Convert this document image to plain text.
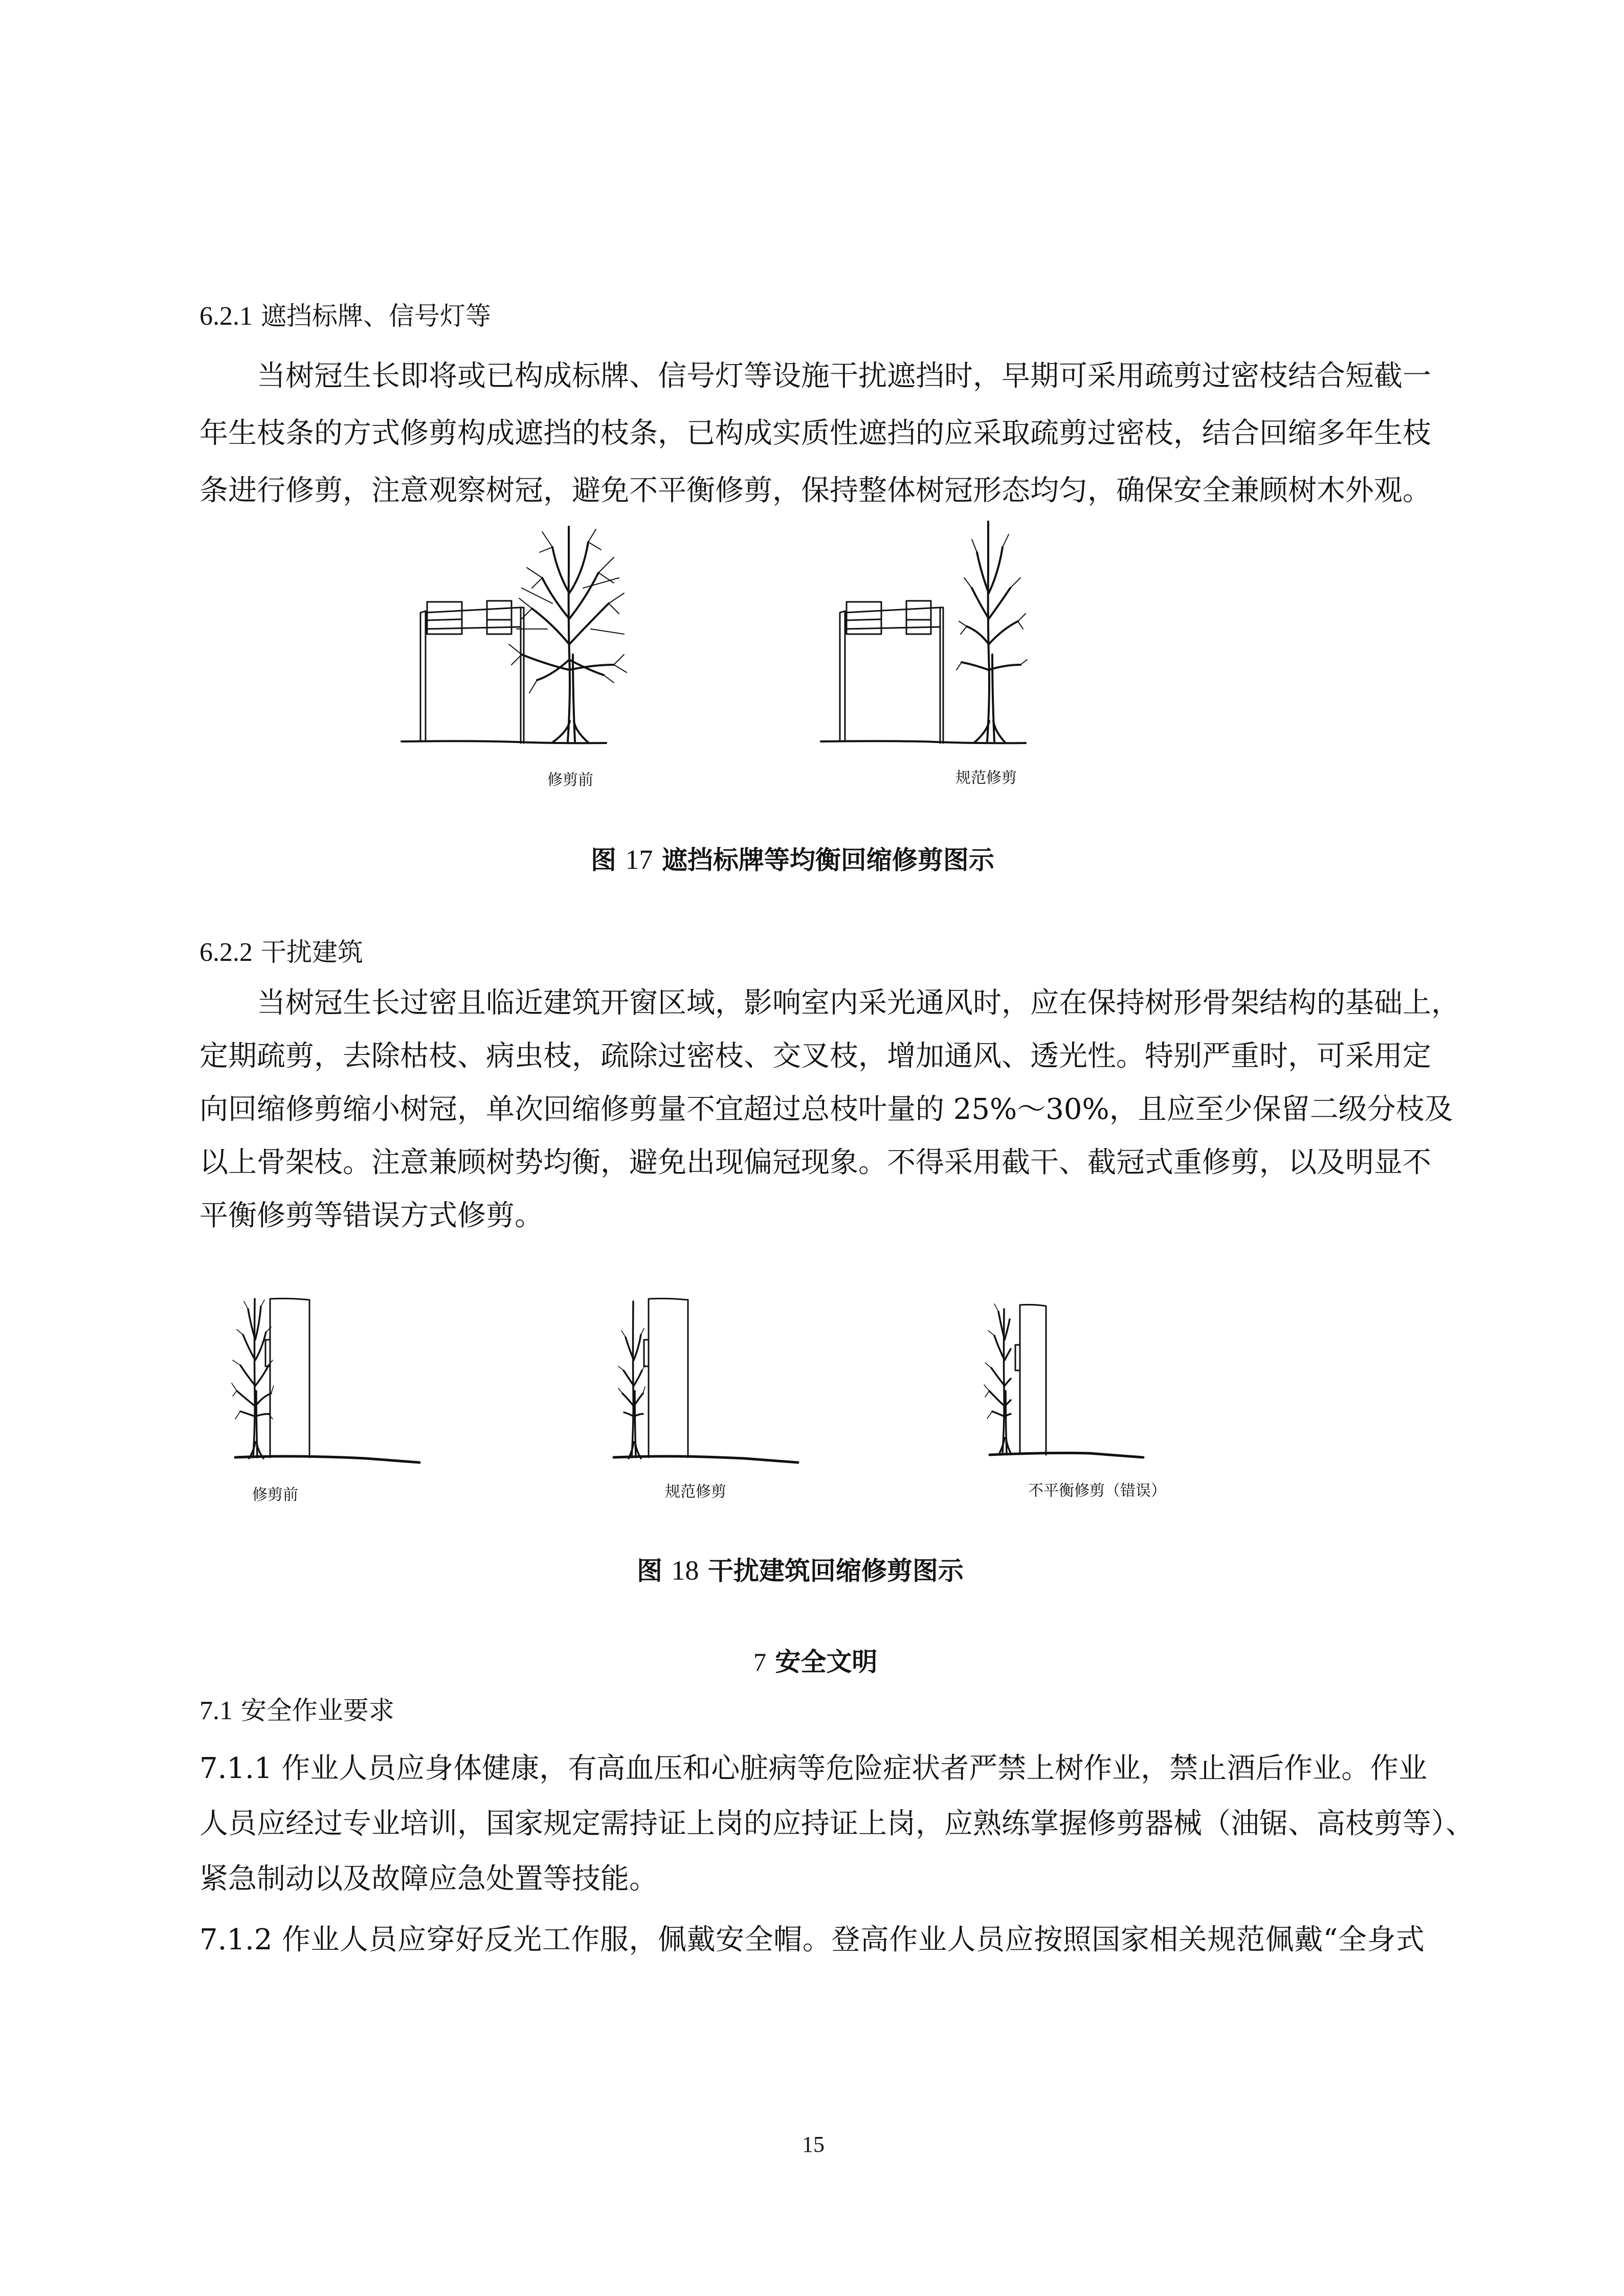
6.2.1 遮挡标牌、信号灯等
当树冠生长即将或已构成标牌、信号灯等设施干扰遮挡时，早期可采用疏剪过密枝结合短截一
年生枝条的方式修剪构成遮挡的枝条，已构成实质性遮挡的应采取疏剪过密枝，结合回缩多年生枝
条进行修剪，注意观察树冠，避免不平衡修剪，保持整体树冠形态均匀，确保安全兼顾树木外观。
修剪前	规范修剪
图 17 遮挡标牌等均衡回缩修剪图示
6.2.2 干扰建筑
当树冠生长过密且临近建筑开窗区域，影响室内采光通风时，应在保持树形骨架结构的基础上，
定期疏剪，去除枯枝、病虫枝，疏除过密枝、交叉枝，增加通风、透光性。特别严重时，可采用定
向回缩修剪缩小树冠，单次回缩修剪量不宜超过总枝叶量的 25%～30%，且应至少保留二级分枝及
以上骨架枝。注意兼顾树势均衡，避免出现偏冠现象。不得采用截干、截冠式重修剪，以及明显不
平衡修剪等错误方式修剪。
修剪前	规范修剪	不平衡修剪（错误）
图 18 干扰建筑回缩修剪图示
7 安全文明
7.1 安全作业要求
7.1.1 作业人员应身体健康，有高血压和心脏病等危险症状者严禁上树作业，禁止酒后作业。作业
人员应经过专业培训，国家规定需持证上岗的应持证上岗，应熟练掌握修剪器械（油锯、高枝剪等）、
紧急制动以及故障应急处置等技能。
7.1.2 作业人员应穿好反光工作服，佩戴安全帽。登高作业人员应按照国家相关规范佩戴“全身式
15
